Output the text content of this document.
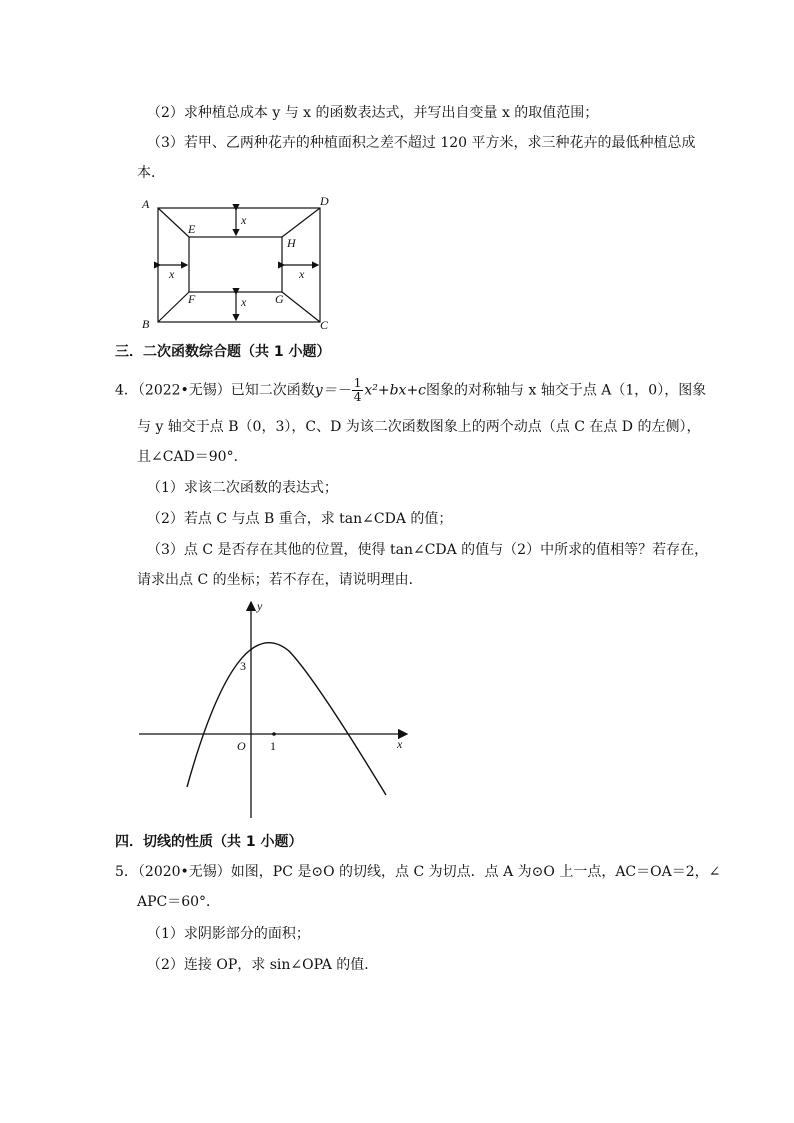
（2）求种植总成本 y 与 x 的函数表达式，并写出自变量 x 的取值范围；
（3）若甲、乙两种花卉的种植面积之差不超过 120 平方米，求三种花卉的最低种植总成
本．
A	D
B	C
E
H
F	G
x
x
x	x
三．二次函数综合题（共 1 小题）
4．（2022•无锡）已知二次函数$y=- \frac{1}{4} x^2+bx+c$图象的对称轴与 x 轴交于点 A（1，0），图象
与 y 轴交于点 B（0，3），C、D 为该二次函数图象上的两个动点（点 C 在点 D 的左侧），
且∠CAD＝90°．
（1）求该二次函数的表达式；
（2）若点 C 与点 B 重合，求 tan∠CDA 的值；
（3）点 C 是否存在其他的位置，使得 tan∠CDA 的值与（2）中所求的值相等？若存在，
请求出点 C 的坐标；若不存在，请说明理由．
y
x
O 1
3
四．切线的性质（共 1 小题）
5．（2020•无锡）如图，PC 是⊙O 的切线，点 C 为切点．点 A 为⊙O 上一点，AC＝OA＝2，∠
APC＝60°．
（1）求阴影部分的面积；
（2）连接 OP，求 sin∠OPA 的值．
